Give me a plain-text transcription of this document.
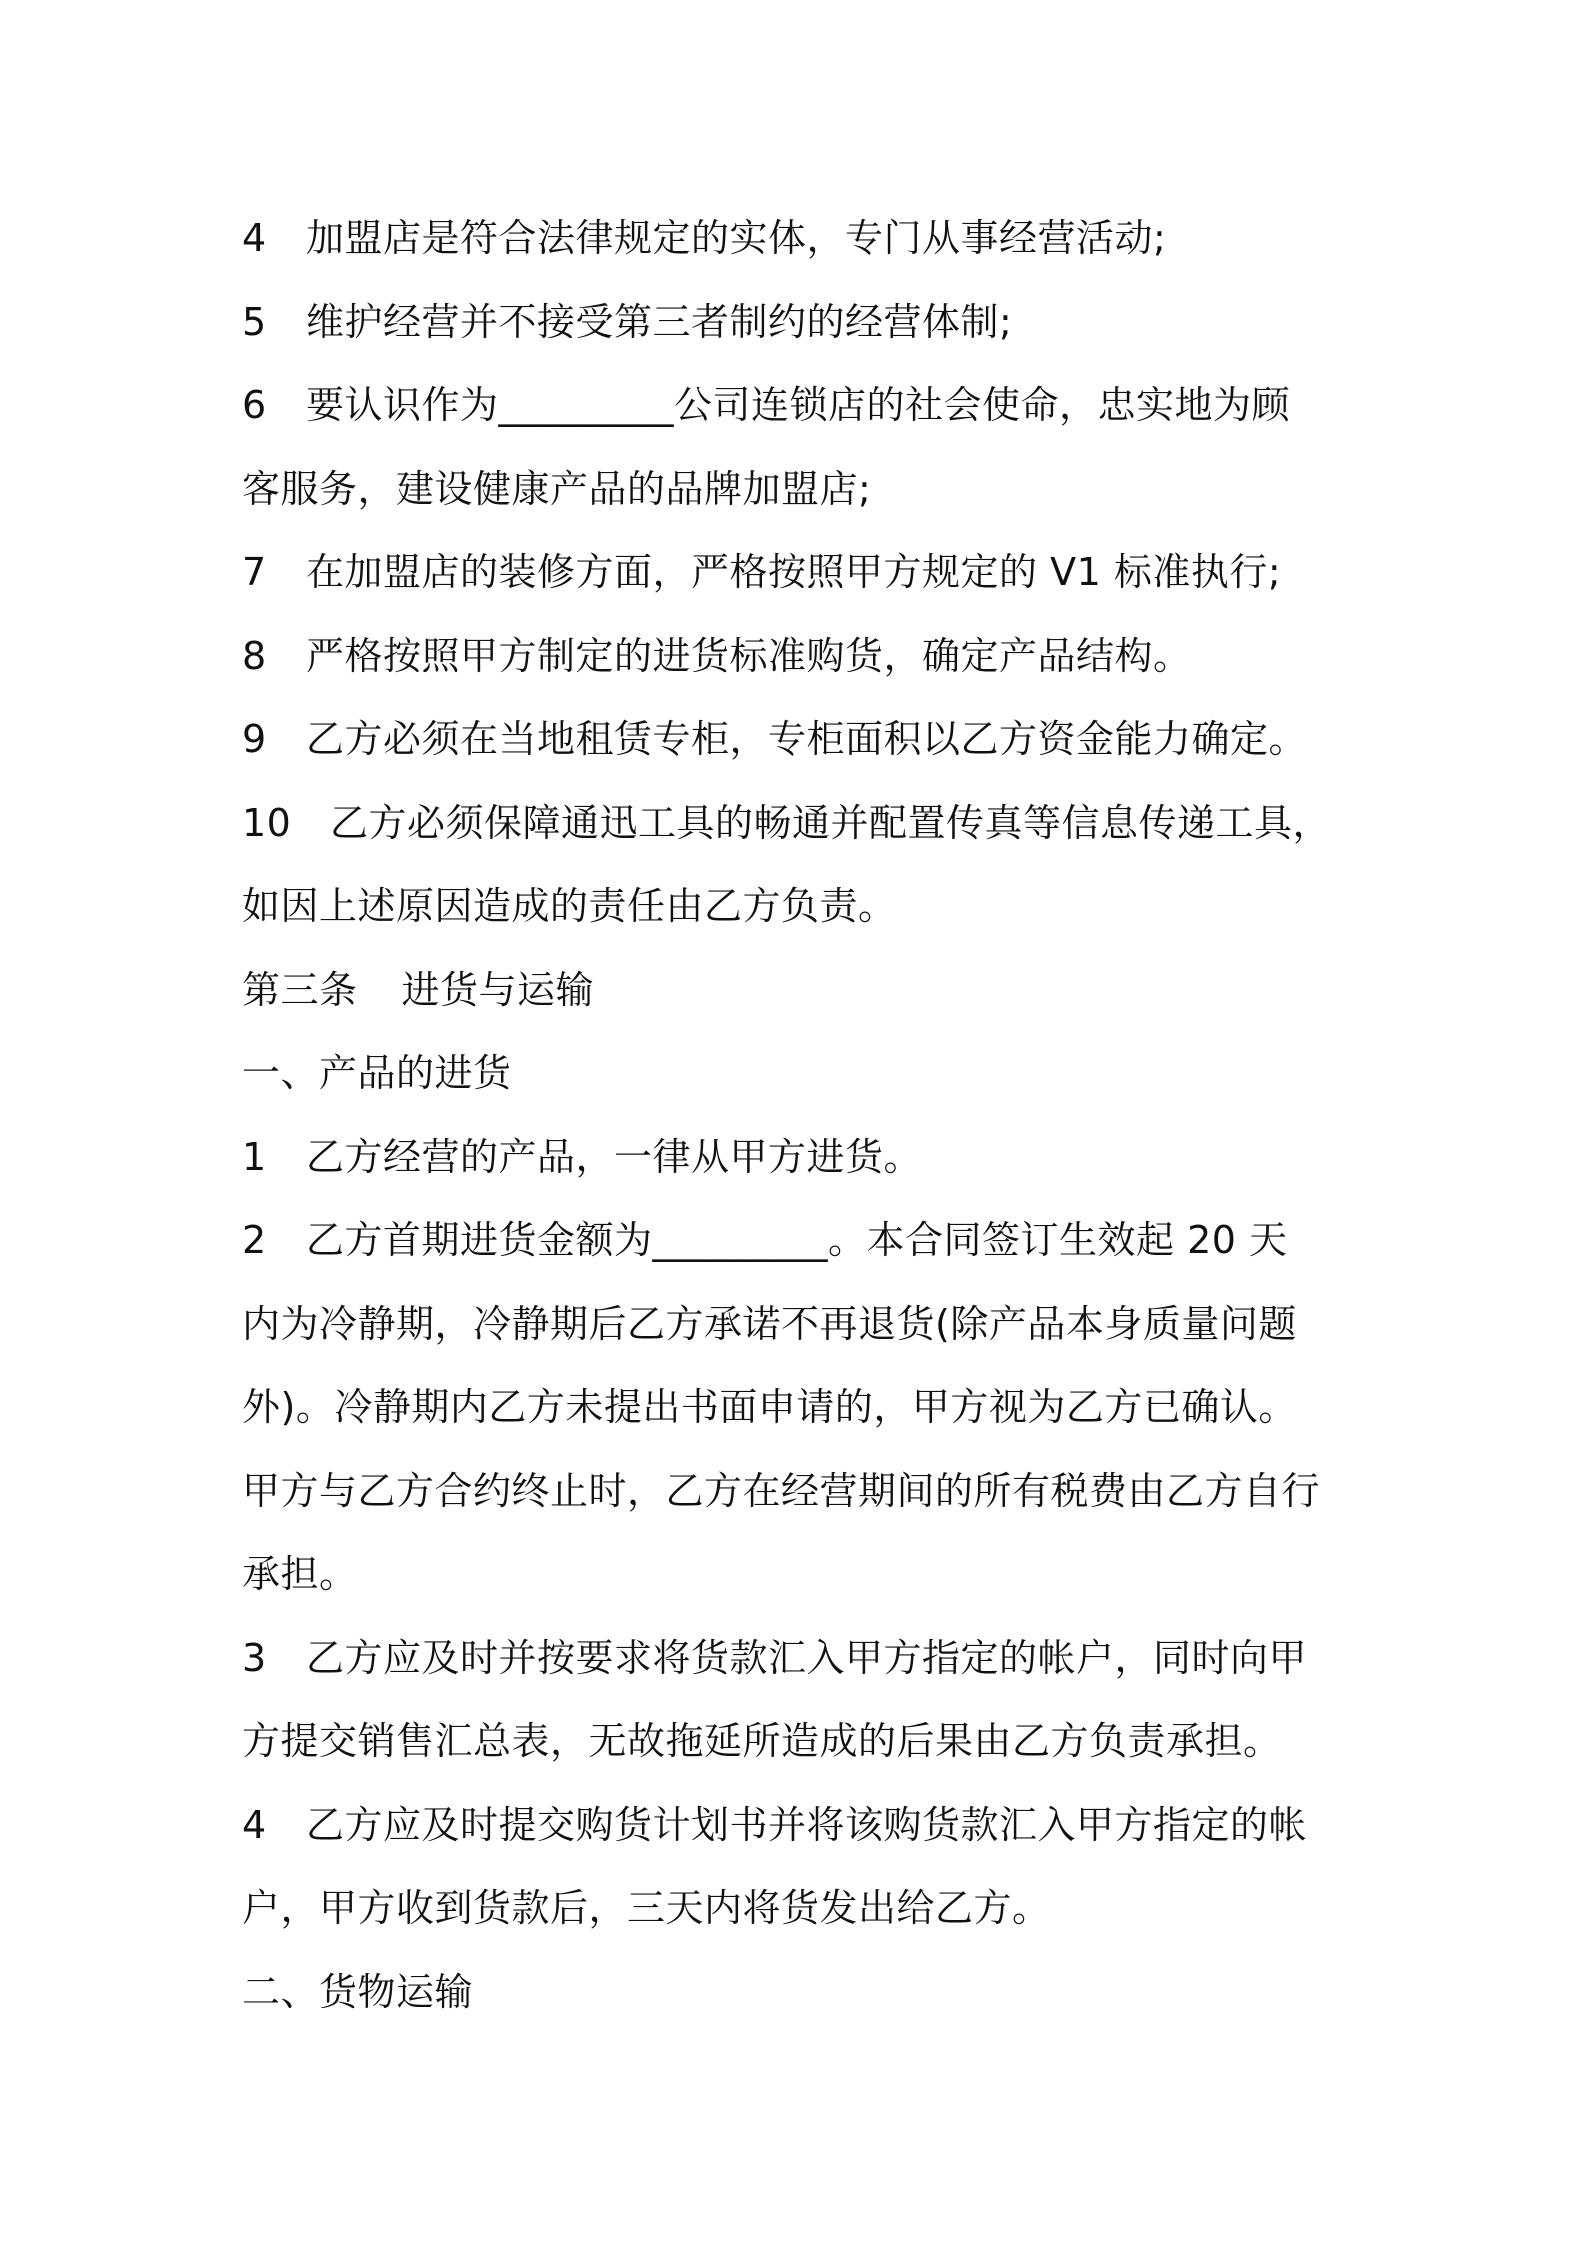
4 加盟店是符合法律规定的实体，专门从事经营活动;
5 维护经营并不接受第三者制约的经营体制;
6 要认识作为_________公司连锁店的社会使命，忠实地为顾
客服务，建设健康产品的品牌加盟店;
7 在加盟店的装修方面，严格按照甲方规定的 V1 标准执行;
8 严格按照甲方制定的进货标准购货，确定产品结构。
9 乙方必须在当地租赁专柜，专柜面积以乙方资金能力确定。
10 乙方必须保障通迅工具的畅通并配置传真等信息传递工具，
如因上述原因造成的责任由乙方负责。
第三条 进货与运输
一、产品的进货
1 乙方经营的产品，一律从甲方进货。
2 乙方首期进货金额为_________。本合同签订生效起 20 天
内为冷静期，冷静期后乙方承诺不再退货(除产品本身质量问题
外)。冷静期内乙方未提出书面申请的，甲方视为乙方已确认。
甲方与乙方合约终止时，乙方在经营期间的所有税费由乙方自行
承担。
3 乙方应及时并按要求将货款汇入甲方指定的帐户，同时向甲
方提交销售汇总表，无故拖延所造成的后果由乙方负责承担。
4 乙方应及时提交购货计划书并将该购货款汇入甲方指定的帐
户，甲方收到货款后，三天内将货发出给乙方。
二、货物运输
